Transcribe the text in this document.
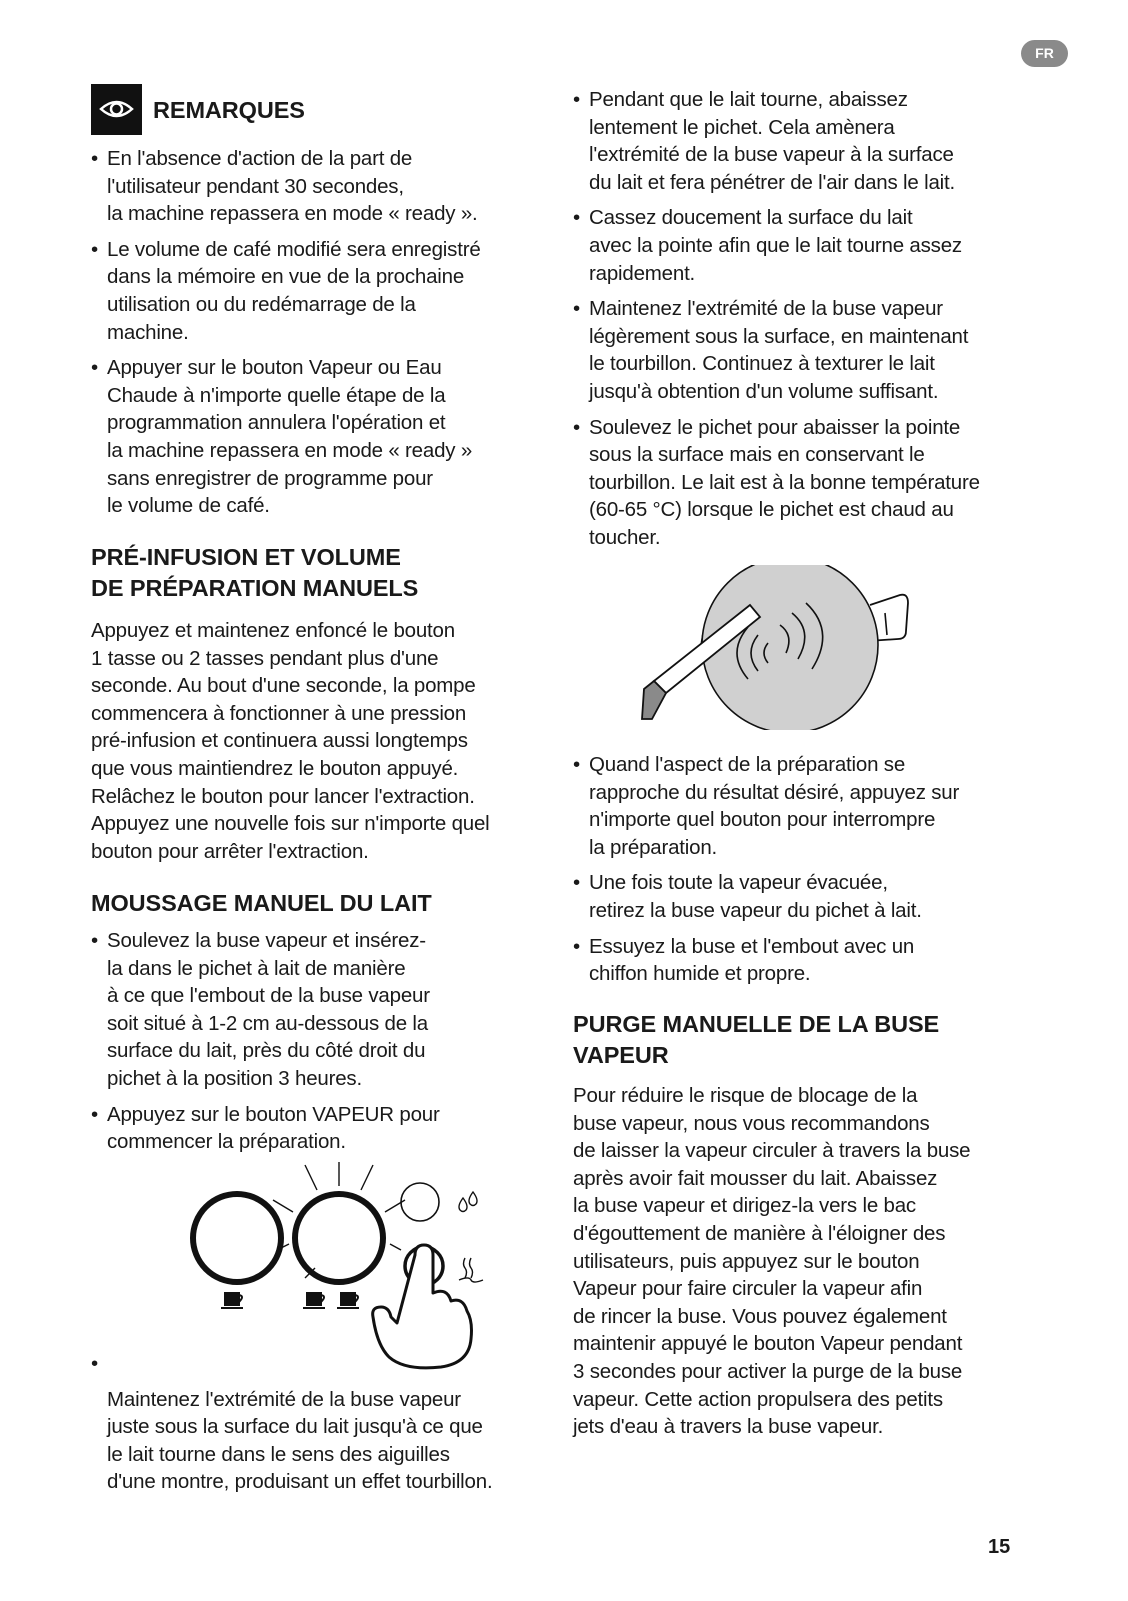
FR
REMARQUES
• En l'absence d'action de la part de
l'utilisateur pendant 30 secondes,
la machine repassera en mode « ready ».
• Le volume de café modifié sera enregistré
dans la mémoire en vue de la prochaine
utilisation ou du redémarrage de la
machine.
• Appuyer sur le bouton Vapeur ou Eau
Chaude à n'importe quelle étape de la
programmation annulera l'opération et
la machine repassera en mode « ready »
sans enregistrer de programme pour
le volume de café.
PRÉ-INFUSION ET VOLUME
DE PRÉPARATION MANUELS

Appuyez et maintenez enfoncé le bouton
1 tasse ou 2 tasses pendant plus d'une
seconde. Au bout d'une seconde, la pompe
commencera à fonctionner à une pression
pré-infusion et continuera aussi longtemps
que vous maintiendrez le bouton appuyé.
Relâchez le bouton pour lancer l'extraction.
Appuyez une nouvelle fois sur n'importe quel
bouton pour arrêter l'extraction.

MOUSSAGE MANUEL DU LAIT
• Soulevez la buse vapeur et insérez-
la dans le pichet à lait de manière
à ce que l'embout de la buse vapeur
soit situé à 1-2 cm au-dessous de la
surface du lait, près du côté droit du
pichet à la position 3 heures.
• Appuyez sur le bouton VAPEUR pour
commencer la préparation.
•

Maintenez l'extrémité de la buse vapeur
juste sous la surface du lait jusqu'à ce que
le lait tourne dans le sens des aiguilles
d'une montre, produisant un effet tourbillon.

• Pendant que le lait tourne, abaissez
lentement le pichet. Cela amènera
l'extrémité de la buse vapeur à la surface
du lait et fera pénétrer de l'air dans le lait.
• Cassez doucement la surface du lait
avec la pointe afin que le lait tourne assez
rapidement.
• Maintenez l'extrémité de la buse vapeur
légèrement sous la surface, en maintenant
le tourbillon. Continuez à texturer le lait
jusqu'à obtention d'un volume suffisant.
• Soulevez le pichet pour abaisser la pointe
sous la surface mais en conservant le
tourbillon. Le lait est à la bonne température
(60-65 °C) lorsque le pichet est chaud au
toucher.
• Quand l'aspect de la préparation se
rapproche du résultat désiré, appuyez sur
n'importe quel bouton pour interrompre
la préparation.
• Une fois toute la vapeur évacuée,
retirez la buse vapeur du pichet à lait.
• Essuyez la buse et l'embout avec un
chiffon humide et propre.
PURGE MANUELLE DE LA BUSE
VAPEUR

Pour réduire le risque de blocage de la
buse vapeur, nous vous recommandons
de laisser la vapeur circuler à travers la buse
après avoir fait mousser du lait. Abaissez
la buse vapeur et dirigez-la vers le bac
d'égouttement de manière à l'éloigner des
utilisateurs, puis appuyez sur le bouton
Vapeur pour faire circuler la vapeur afin
de rincer la buse. Vous pouvez également
maintenir appuyé le bouton Vapeur pendant
3 secondes pour activer la purge de la buse
vapeur. Cette action propulsera des petits
jets d'eau à travers la buse vapeur.

15
